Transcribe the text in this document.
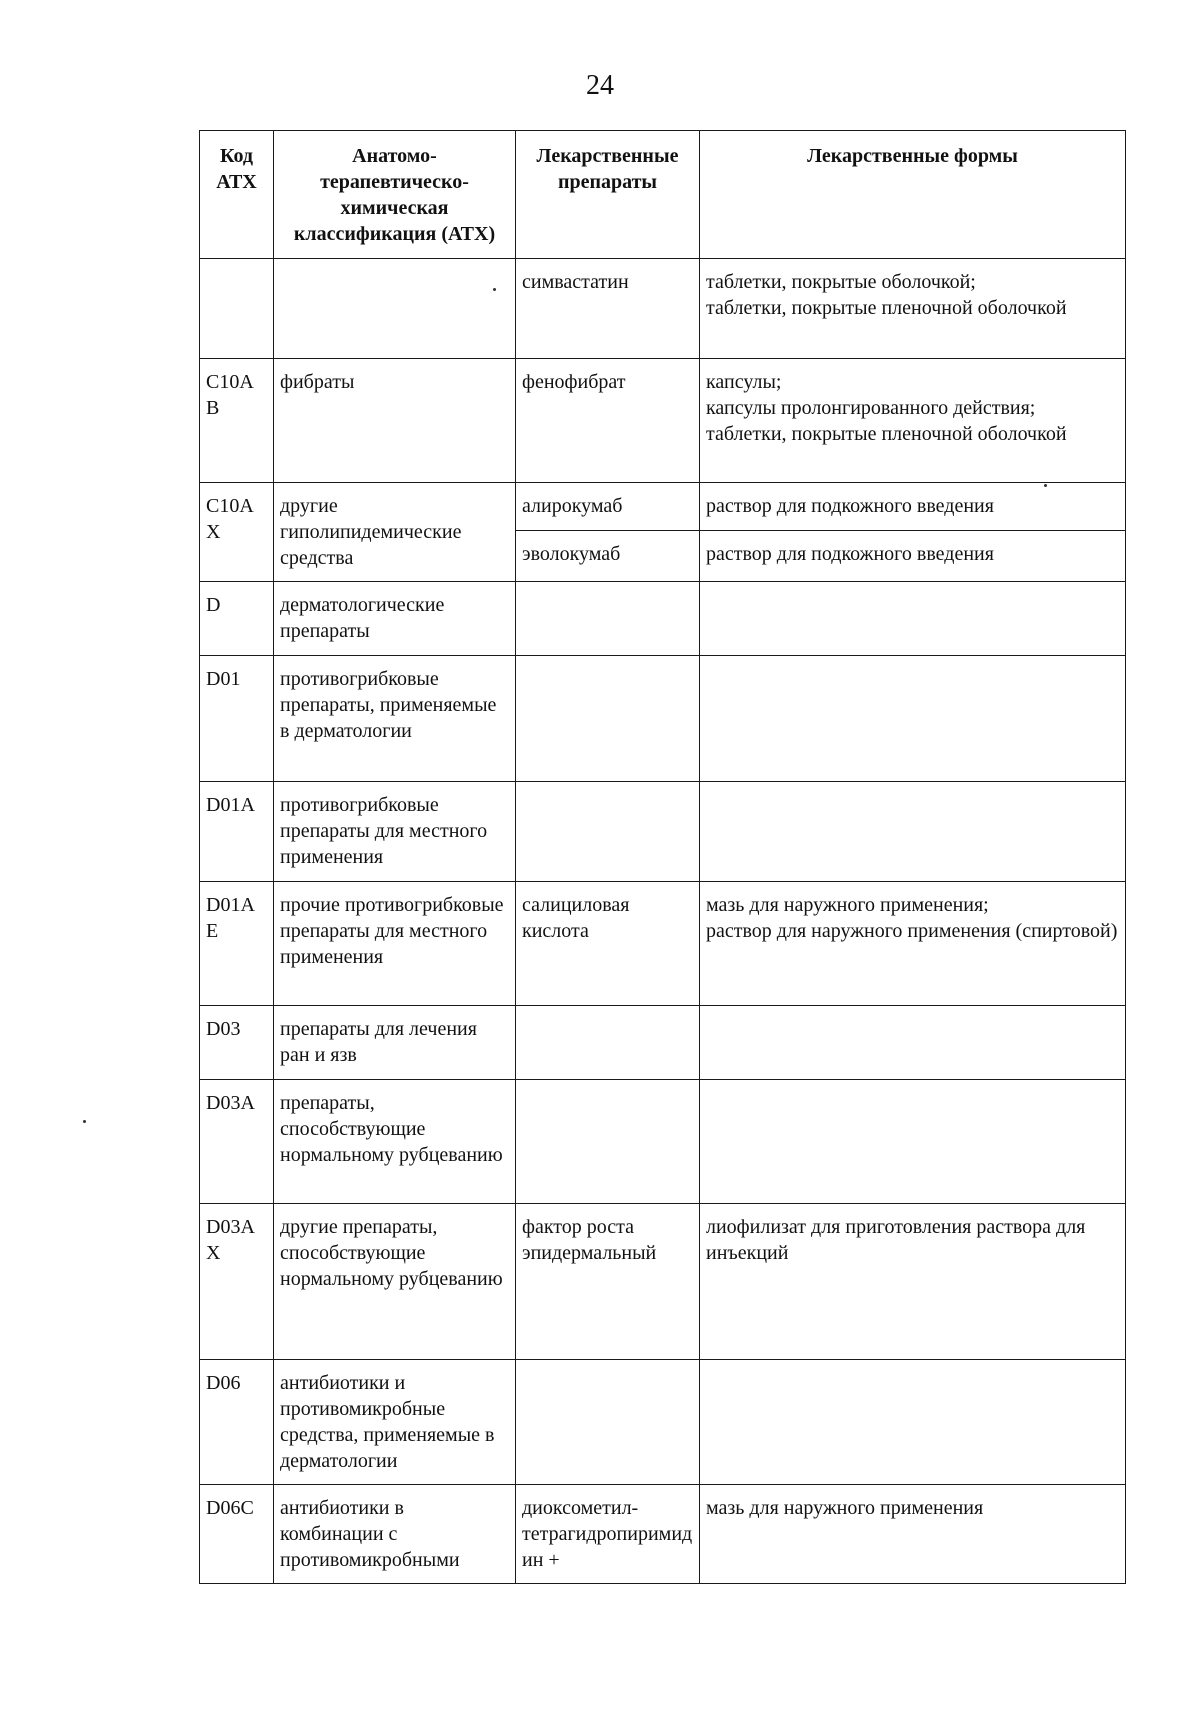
24
Код АТХ	Анатомо-терапевтическо-химическая классификация (АТХ)	Лекарственные препараты	Лекарственные формы
		симвастатин	таблетки, покрытые оболочкой;
таблетки, покрытые пленочной оболочкой
C10AB	фибраты	фенофибрат	капсулы;
капсулы пролонгированного действия;
таблетки, покрытые пленочной оболочкой
C10AX	другие гиполипидемические средства	алирокумаб	раствор для подкожного введения
		эволокумаб	раствор для подкожного введения
D	дерматологические препараты		
D01	противогрибковые препараты, применяемые в дерматологии		
D01A	противогрибковые препараты для местного применения		
D01AE	прочие противогрибковые препараты для местного применения	салициловая кислота	мазь для наружного применения;
раствор для наружного применения (спиртовой)
D03	препараты для лечения ран и язв		
D03A	препараты, способствующие нормальному рубцеванию		
D03AX	другие препараты, способствующие нормальному рубцеванию	фактор роста эпидермальный	лиофилизат для приготовления раствора для инъекций
D06	антибиотики и противомикробные средства, применяемые в дерматологии		
D06C	антибиотики в комбинации с противомикробными	диоксометил-тетрагидропиримидин +	мазь для наружного применения
